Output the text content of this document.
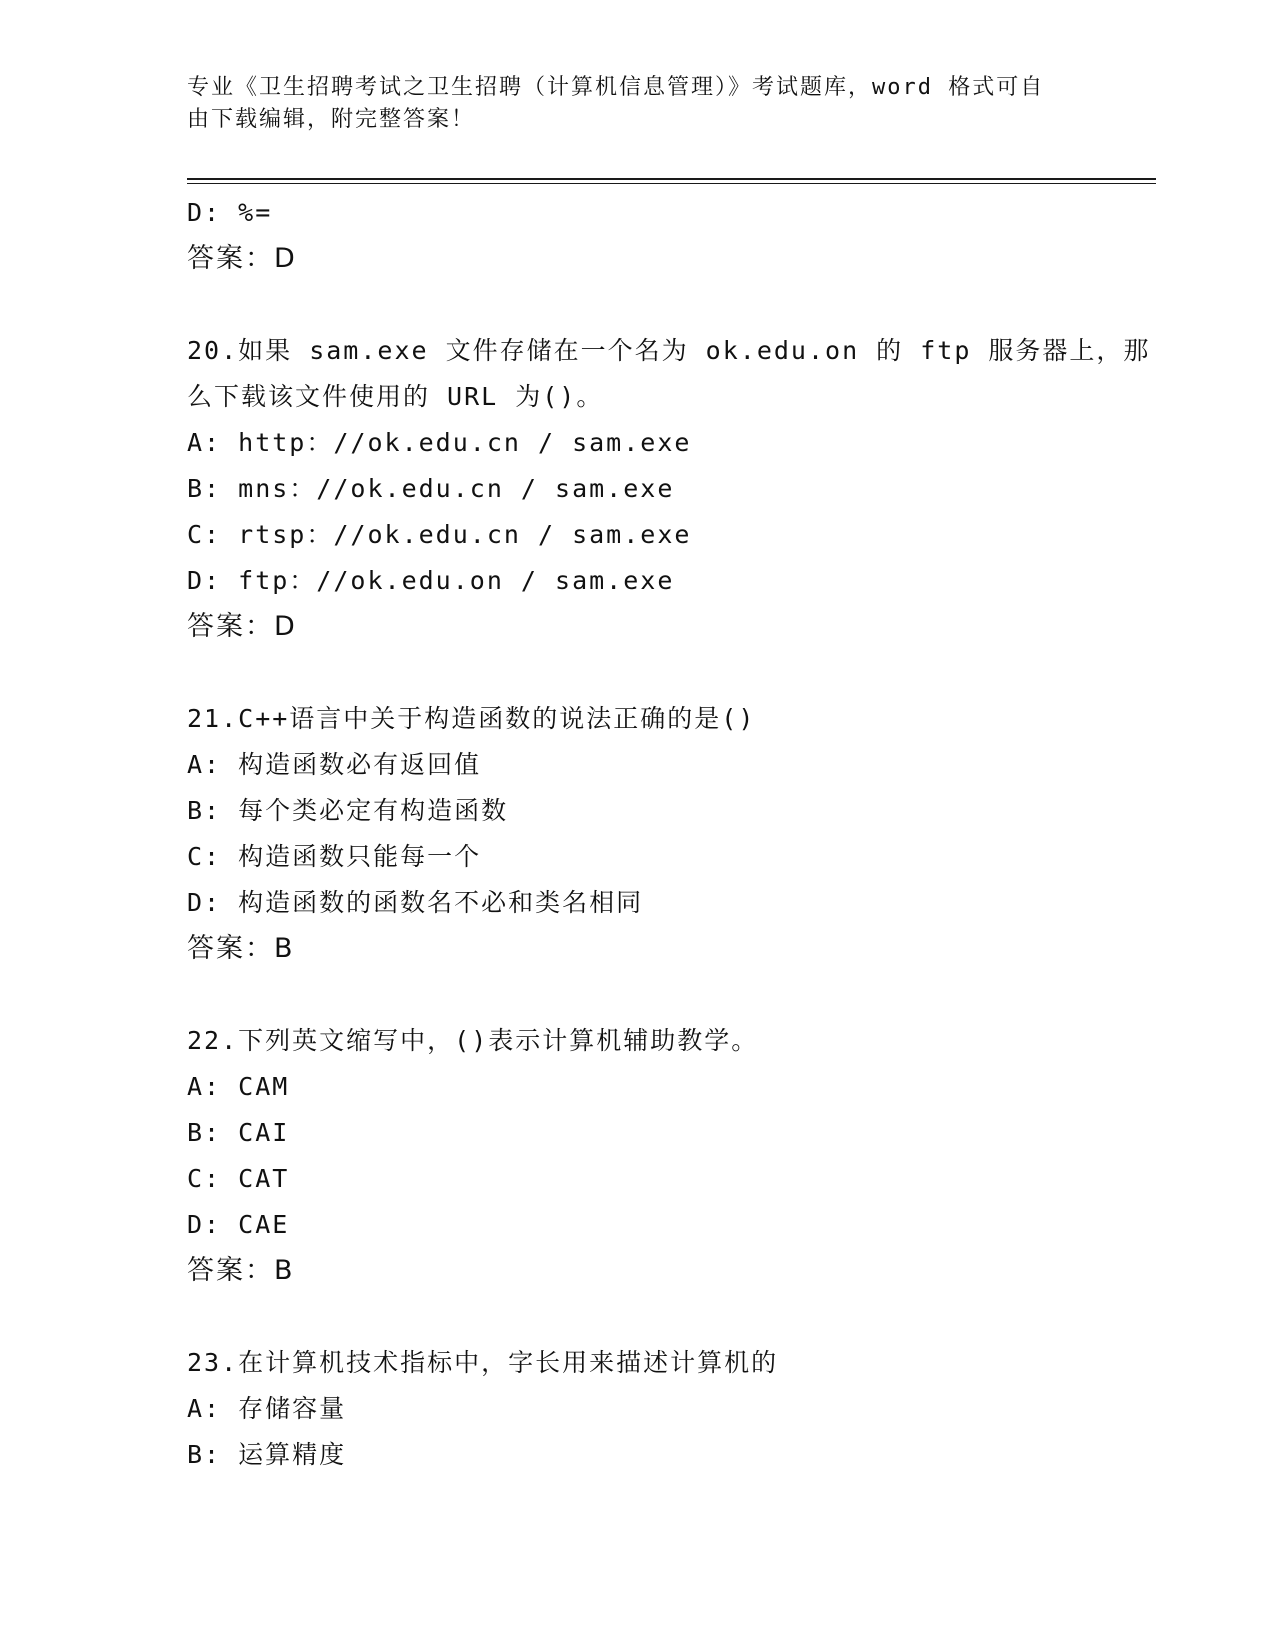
专业《卫生招聘考试之卫生招聘（计算机信息管理）》考试题库，word 格式可自
由下载编辑，附完整答案！
D: %=
答案：D
20.如果 sam.exe 文件存储在一个名为 ok.edu.on 的 ftp 服务器上，那
么下载该文件使用的 URL 为()。
A: http：//ok.edu.cn / sam.exe
B: mns：//ok.edu.cn / sam.exe
C: rtsp：//ok.edu.cn / sam.exe
D: ftp：//ok.edu.on / sam.exe
答案：D
21.C++语言中关于构造函数的说法正确的是()
A: 构造函数必有返回值
B: 每个类必定有构造函数
C: 构造函数只能每一个
D: 构造函数的函数名不必和类名相同
答案：B
22.下列英文缩写中，()表示计算机辅助教学。
A: CAM
B: CAI
C: CAT
D: CAE
答案：B
23.在计算机技术指标中，字长用来描述计算机的
A: 存储容量
B: 运算精度
